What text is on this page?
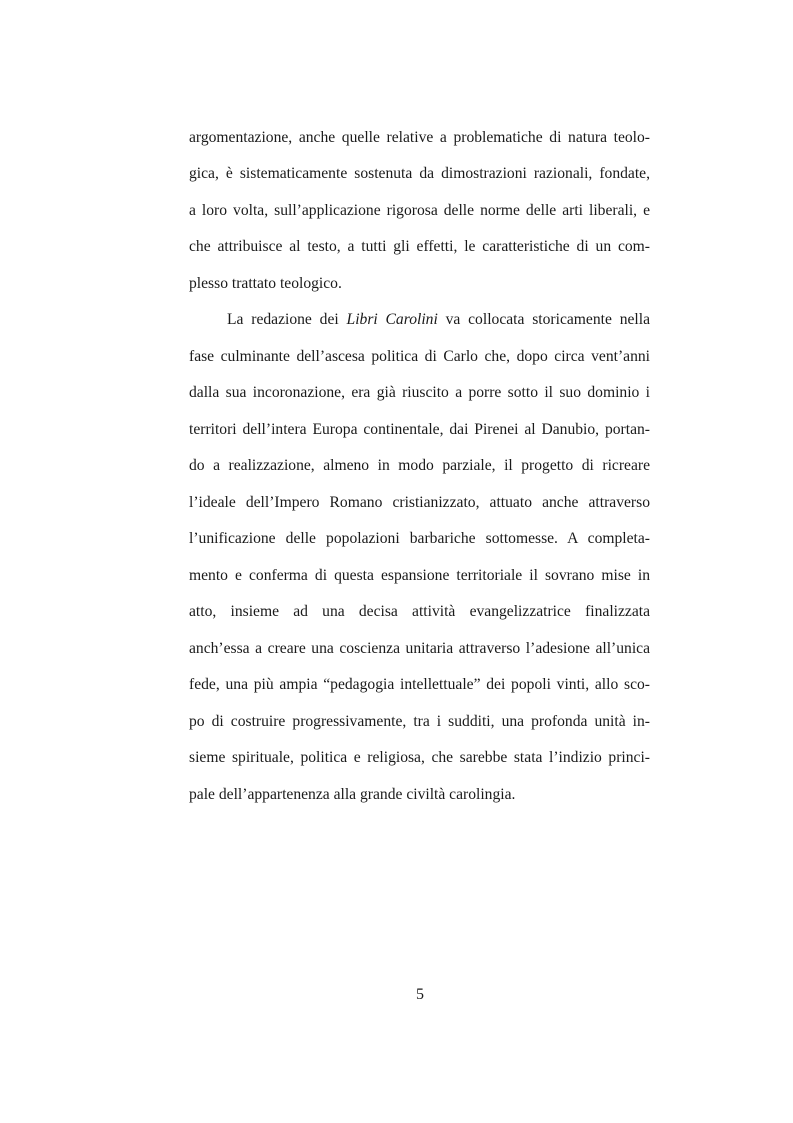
argomentazione, anche quelle relative a problematiche di natura teolo-
gica, è sistematicamente sostenuta da dimostrazioni razionali, fondate,
a loro volta, sull’applicazione rigorosa delle norme delle arti liberali, e
che attribuisce al testo, a tutti gli effetti, le caratteristiche di un com-
plesso trattato teologico.
La redazione dei Libri Carolini va collocata storicamente nella
fase culminante dell’ascesa politica di Carlo che, dopo circa vent’anni
dalla sua incoronazione, era già riuscito a porre sotto il suo dominio i
territori dell’intera Europa continentale, dai Pirenei al Danubio, portan-
do a realizzazione, almeno in modo parziale, il progetto di ricreare
l’ideale dell’Impero Romano cristianizzato, attuato anche attraverso
l’unificazione delle popolazioni barbariche sottomesse. A completa-
mento e conferma di questa espansione territoriale il sovrano mise in
atto, insieme ad una decisa attività evangelizzatrice finalizzata
anch’essa a creare una coscienza unitaria attraverso l’adesione all’unica
fede, una più ampia “pedagogia intellettuale” dei popoli vinti, allo sco-
po di costruire progressivamente, tra i sudditi, una profonda unità in-
sieme spirituale, politica e religiosa, che sarebbe stata l’indizio princi-
pale dell’appartenenza alla grande civiltà carolingia.
5
